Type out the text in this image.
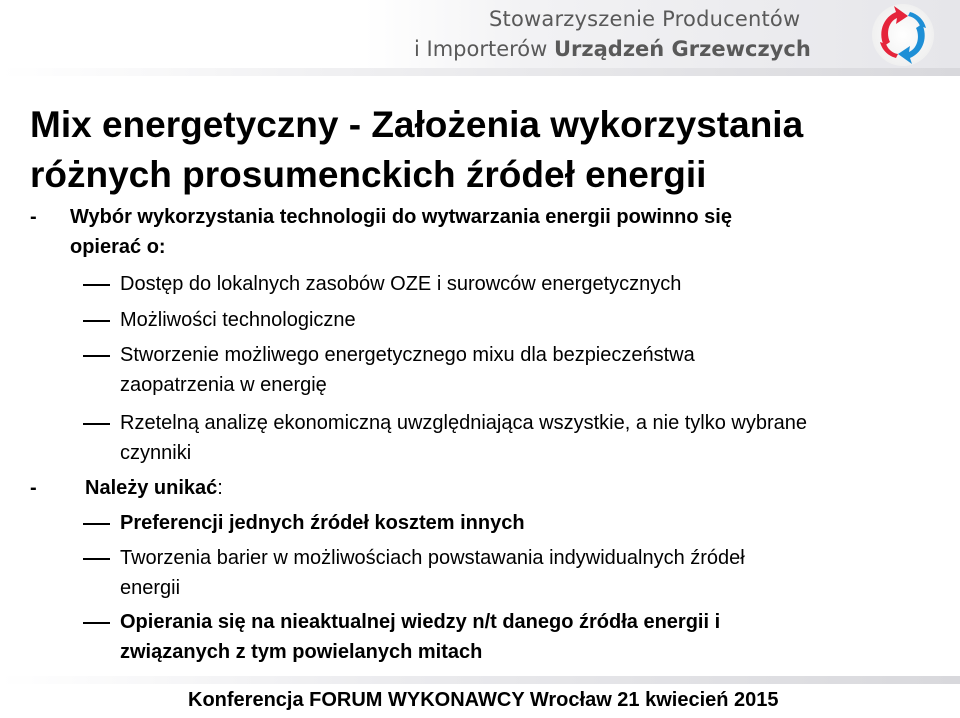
Stowarzyszenie Producentów
i Importerów Urządzeń Grzewczych
Mix energetyczny - Założenia wykorzystania
różnych prosumenckich źródeł energii
- Wybór wykorzystania technologii do wytwarzania energii powinno się
opierać o:
Dostęp do lokalnych zasobów OZE i surowców energetycznych
Możliwości technologiczne
Stworzenie możliwego energetycznego mixu dla bezpieczeństwa
zaopatrzenia w energię
Rzetelną analizę ekonomiczną uwzględniająca wszystkie, a nie tylko wybrane
czynniki
- Należy unikać:
Preferencji jednych źródeł kosztem innych
Tworzenia barier w możliwościach powstawania indywidualnych źródeł
energii
Opierania się na nieaktualnej wiedzy n/t danego źródła energii i
związanych z tym powielanych mitach
Konferencja FORUM WYKONAWCY Wrocław 21 kwiecień 2015
